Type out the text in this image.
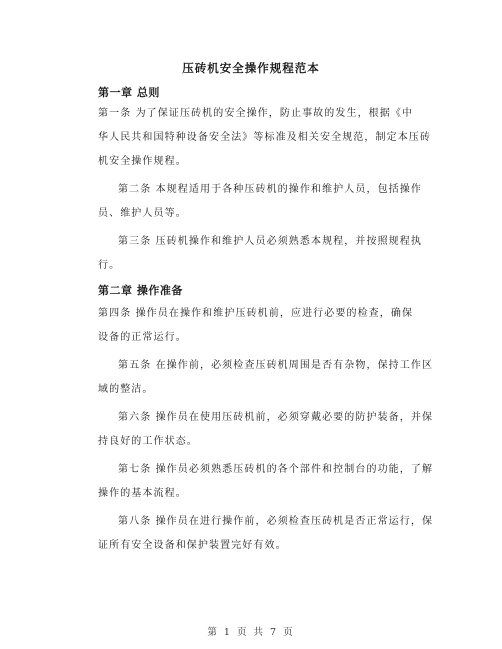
压砖机安全操作规程范本
第一章 总则
第一条 为了保证压砖机的安全操作，防止事故的发生，根据《中
华人民共和国特种设备安全法》等标准及相关安全规范，制定本压砖
机安全操作规程。
第二条 本规程适用于各种压砖机的操作和维护人员，包括操作
员、维护人员等。
第三条 压砖机操作和维护人员必须熟悉本规程，并按照规程执
行。
第二章 操作准备
第四条 操作员在操作和维护压砖机前，应进行必要的检查，确保
设备的正常运行。
第五条 在操作前，必须检查压砖机周围是否有杂物，保持工作区
域的整洁。
第六条 操作员在使用压砖机前，必须穿戴必要的防护装备，并保
持良好的工作状态。
第七条 操作员必须熟悉压砖机的各个部件和控制台的功能，了解
操作的基本流程。
第八条 操作员在进行操作前，必须检查压砖机是否正常运行，保
证所有安全设备和保护装置完好有效。
第 1 页 共 7 页
